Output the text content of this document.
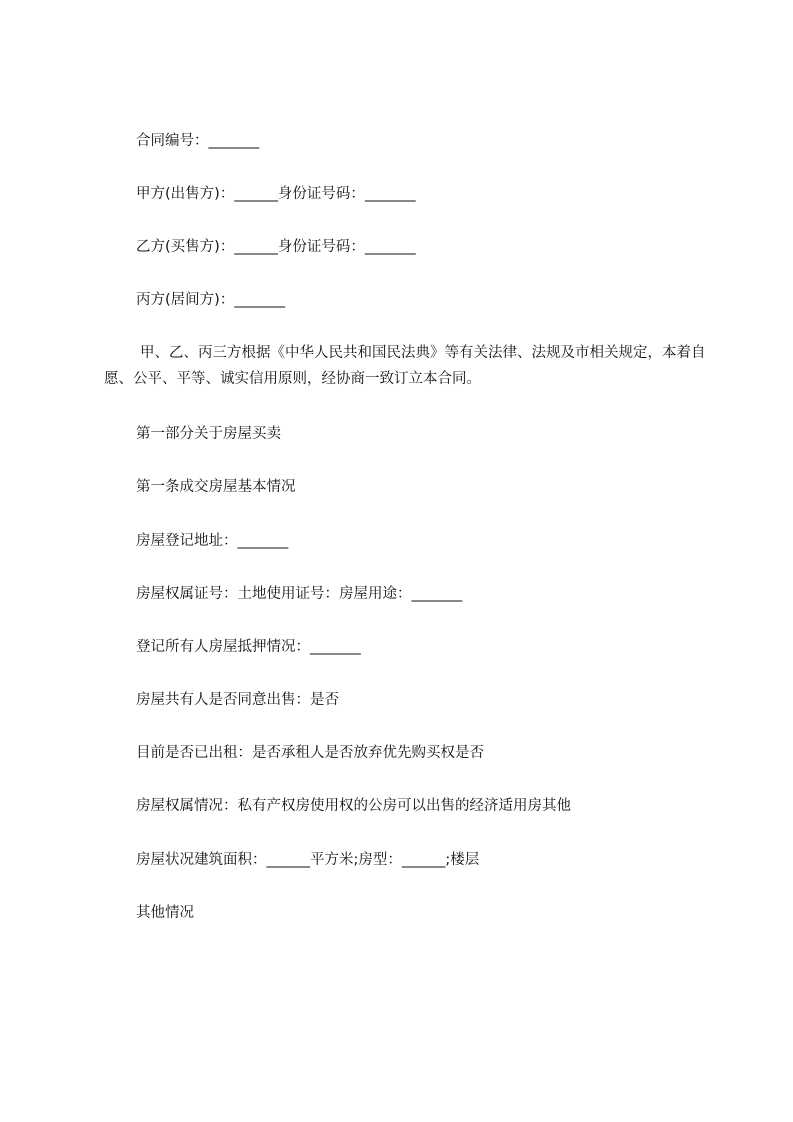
合同编号：_______
甲方(出售方)：______身份证号码：_______
乙方(买售方)：______身份证号码：_______
丙方(居间方)：_______
甲、乙、丙三方根据《中华人民共和国民法典》等有关法律、法规及市相关规定，本着自愿、公平、平等、诚实信用原则，经协商一致订立本合同。
第一部分关于房屋买卖
第一条成交房屋基本情况
房屋登记地址：_______
房屋权属证号：土地使用证号：房屋用途：_______
登记所有人房屋抵押情况：_______
房屋共有人是否同意出售：是否
目前是否已出租：是否承租人是否放弃优先购买权是否
房屋权属情况：私有产权房使用权的公房可以出售的经济适用房其他
房屋状况建筑面积：______平方米;房型：______;楼层
其他情况
